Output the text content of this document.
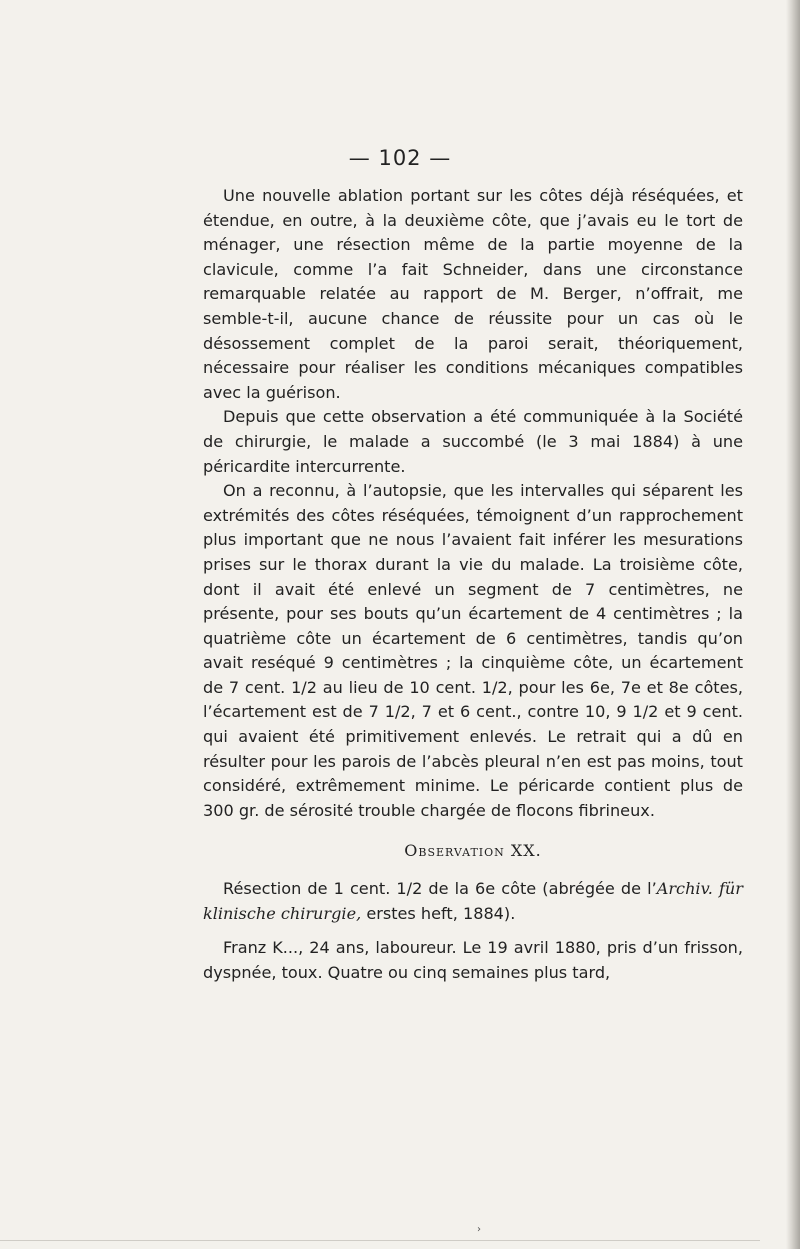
— 102 —

Une nouvelle ablation portant sur les côtes déjà réséquées, et étendue, en outre, à la deuxième côte, que j’avais eu le tort de ménager, une résection même de la partie moyenne de la clavicule, comme l’a fait Schneider, dans une circonstance remarquable relatée au rapport de M. Berger, n’offrait, me semble-t-il, aucune chance de réussite pour un cas où le désossement complet de la paroi serait, théoriquement, nécessaire pour réaliser les conditions mécaniques compatibles avec la guérison.

Depuis que cette observation a été communiquée à la Société de chirurgie, le malade a succombé (le 3 mai 1884) à une péricardite intercurrente.

On a reconnu, à l’autopsie, que les intervalles qui séparent les extrémités des côtes réséquées, témoignent d’un rapprochement plus important que ne nous l’avaient fait inférer les mesurations prises sur le thorax durant la vie du malade. La troisième côte, dont il avait été enlevé un segment de 7 centimètres, ne présente, pour ses bouts qu’un écartement de 4 centimètres ; la quatrième côte un écartement de 6 centimètres, tandis qu’on avait reséqué 9 centimètres ; la cinquième côte, un écartement de 7 cent. 1/2 au lieu de 10 cent. 1/2, pour les 6e, 7e et 8e côtes, l’écartement est de 7 1/2, 7 et 6 cent., contre 10, 9 1/2 et 9 cent. qui avaient été primitivement enlevés. Le retrait qui a dû en résulter pour les parois de l’abcès pleural n’en est pas moins, tout considéré, extrêmement minime. Le péricarde contient plus de 300 gr. de sérosité trouble chargée de flocons fibrineux.

Observation XX.

Résection de 1 cent. 1/2 de la 6e côte (abrégée de l’Archiv. für klinische chirurgie, erstes heft, 1884).

Franz K..., 24 ans, laboureur. Le 19 avril 1880, pris d’un frisson, dyspnée, toux. Quatre ou cinq semaines plus tard,

›
